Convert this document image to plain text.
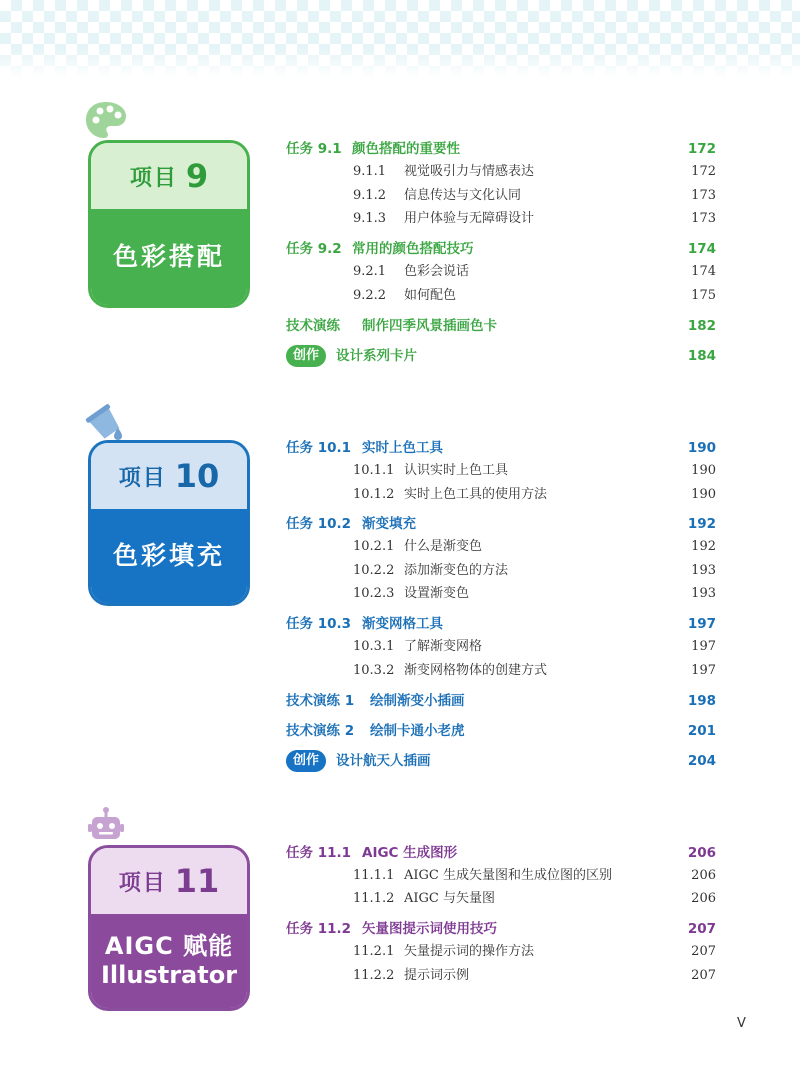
项目 9
色彩搭配
项目 10
色彩填充
项目 11
AIGC 赋能
Illustrator
任务 9.1 颜色搭配的重要性	172
9.1.1 视觉吸引力与情感表达	172
9.1.2 信息传达与文化认同	173
9.1.3 用户体验与无障碍设计	173
任务 9.2 常用的颜色搭配技巧	174
9.2.1 色彩会说话	174
9.2.2 如何配色	175
技术演练 制作四季风景插画色卡	182
创作	设计系列卡片	184
任务 10.1 实时上色工具	190
10.1.1 认识实时上色工具	190
10.1.2 实时上色工具的使用方法	190
任务 10.2 渐变填充	192
10.2.1 什么是渐变色	192
10.2.2 添加渐变色的方法	193
10.2.3 设置渐变色	193
任务 10.3 渐变网格工具	197
10.3.1 了解渐变网格	197
10.3.2 渐变网格物体的创建方式	197
技术演练 1 绘制渐变小插画	198
技术演练 2 绘制卡通小老虎	201
创作	设计航天人插画	204
任务 11.1 AIGC 生成图形	206
11.1.1 AIGC 生成矢量图和生成位图的区别	206
11.1.2 AIGC 与矢量图	206
任务 11.2 矢量图提示词使用技巧	207
11.2.1 矢量提示词的操作方法	207
11.2.2 提示词示例	207
V
